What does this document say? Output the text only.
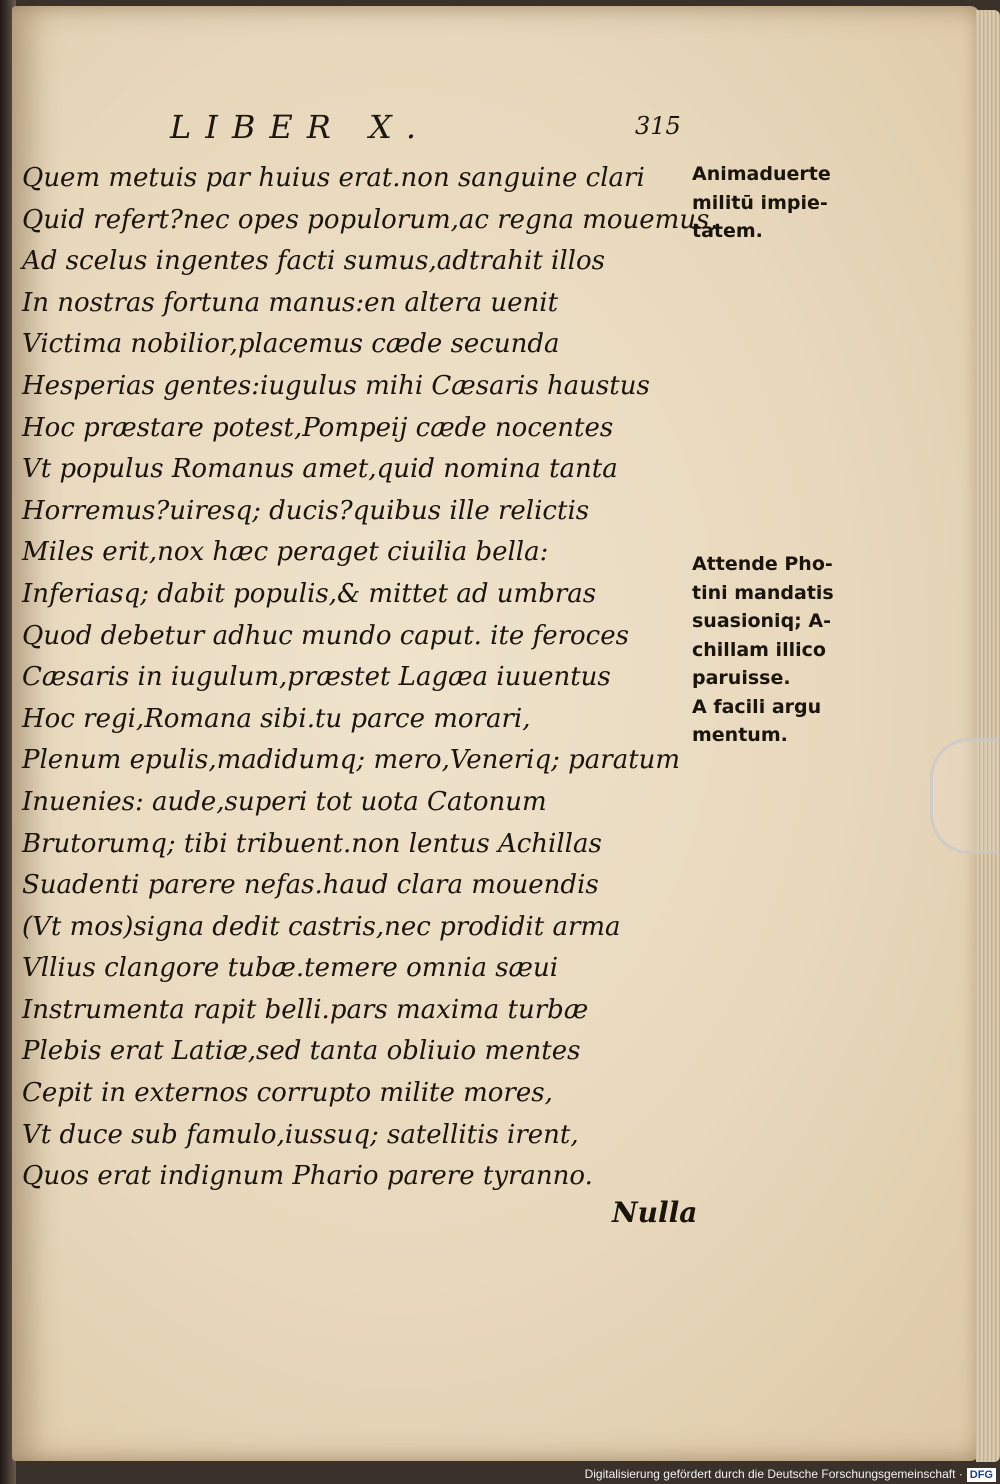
LIBER X.	315
Quem metuis par huius erat.non sanguine clari
Quid refert?nec opes populorum,ac regna mouemus,
Ad scelus ingentes facti sumus,adtrahit illos
In nostras fortuna manus:en altera uenit
Victima nobilior,placemus cæde secunda
Hesperias gentes:iugulus mihi Cæsaris haustus
Hoc præstare potest,Pompeij cæde nocentes
Vt populus Romanus amet,quid nomina tanta
Horremus?uiresq; ducis?quibus ille relictis
Miles erit,nox hæc peraget ciuilia bella:
Inferiasq; dabit populis,& mittet ad umbras
Quod debetur adhuc mundo caput. ite feroces
Cæsaris in iugulum,præstet Lagæa iuuentus
Hoc regi,Romana sibi.tu parce morari,
Plenum epulis,madidumq; mero,Veneriq; paratum
Inuenies: aude,superi tot uota Catonum
Brutorumq; tibi tribuent.non lentus Achillas
Suadenti parere nefas.haud clara mouendis
(Vt mos)signa dedit castris,nec prodidit arma
Vllius clangore tubæ.temere omnia sæui
Instrumenta rapit belli.pars maxima turbæ
Plebis erat Latiæ,sed tanta obliuio mentes
Cepit in externos corrupto milite mores,
Vt duce sub famulo,iussuq; satellitis irent,
Quos erat indignum Phario parere tyranno.
Nulla
Animaduerte
militū impie-
tatem.
Attende Pho-
tini mandatis
suasioniq; A-
chillam illico
paruisse.
A facili argu
mentum.
Digitalisierung gefördert durch die Deutsche Forschungsgemeinschaft · DFG
